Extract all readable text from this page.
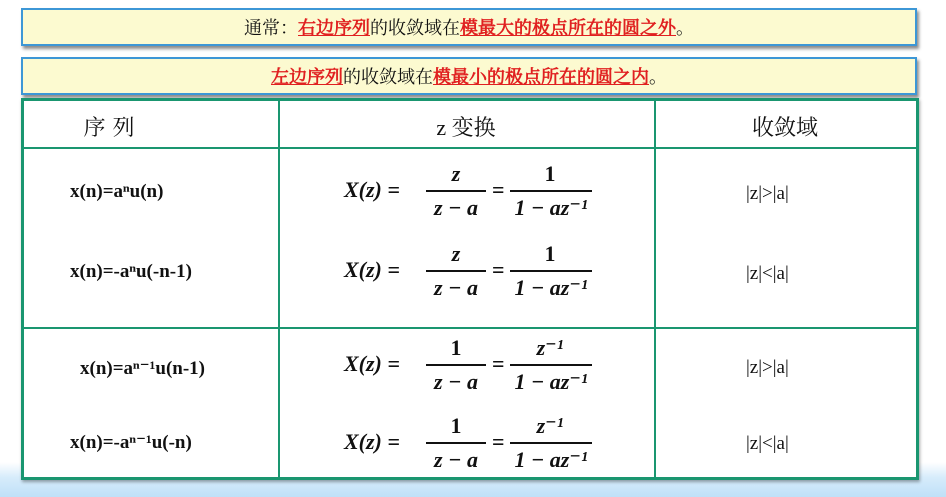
通常：右边序列的收敛域在模最大的极点所在的圆之外。
左边序列的收敛域在模最小的极点所在的圆之内。
序 列	z 变换	收敛域
x(n)=aⁿu(n)
x(n)=-aⁿu(-n-1)
x(n)=aⁿ⁻¹u(n-1)
x(n)=-aⁿ⁻¹u(-n)
|z|>|a|
|z|<|a|
|z|>|a|
|z|<|a|
X(z) =
z
z − a
=
1
1 − az⁻¹
X(z) =
z
z − a
=
1
1 − az⁻¹
X(z) =
1
z − a
=
z⁻¹
1 − az⁻¹
X(z) =
1
z − a
=
z⁻¹
1 − az⁻¹
